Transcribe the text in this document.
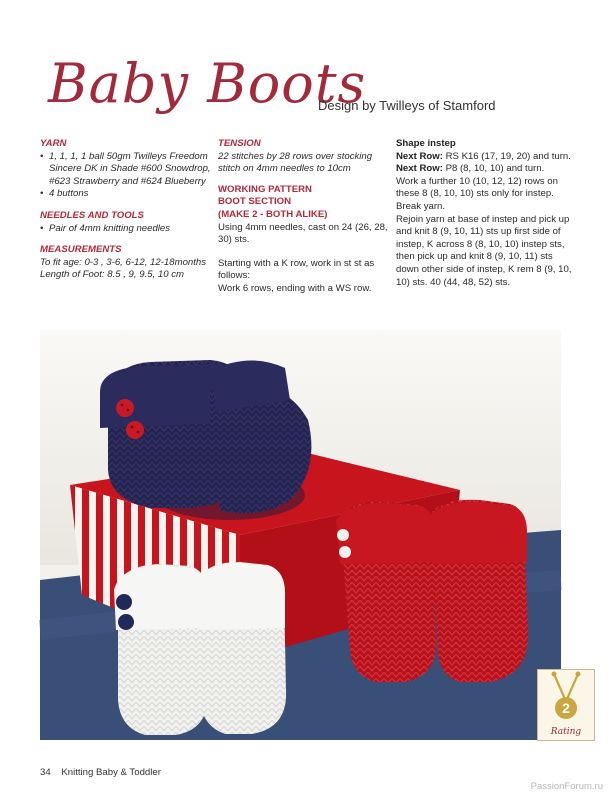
Baby Boots
Design by Twilleys of Stamford

YARN

• 1, 1, 1, 1 ball 50gm Twilleys Freedom Sincere DK in Shade #600 Snowdrop, #623 Strawberry and #624 Blueberry
• 4 buttons

NEEDLES AND TOOLS

• Pair of 4mm knitting needles

MEASUREMENTS

To fit age: 0-3 , 3-6, 6-12, 12-18months

Length of Foot: 8.5 , 9, 9.5, 10 cm

TENSION

22 stitches by 28 rows over stocking stitch on 4mm needles to 10cm

WORKING PATTERN

BOOT SECTION

(MAKE 2 - BOTH ALIKE)

Using 4mm needles, cast on 24 (26, 28, 30) sts.

Starting with a K row, work in st st as follows:

Work 6 rows, ending with a WS row.

Shape instep

Next Row: RS K16 (17, 19, 20) and turn.

Next Row: P8 (8, 10, 10) and turn.

Work a further 10 (10, 12, 12) rows on these 8 (8, 10, 10) sts only for instep.

Break yarn.

Rejoin yarn at base of instep and pick up and knit 8 (9, 10, 11) sts up first side of instep, K across 8 (8, 10, 10) instep sts, then pick up and knit 8 (9, 10, 11) sts down other side of instep, K rem 8 (9, 10, 10) sts. 40 (44, 48, 52) sts.

2
Rating
34 Knitting Baby & Toddler
PassionForum.ru
